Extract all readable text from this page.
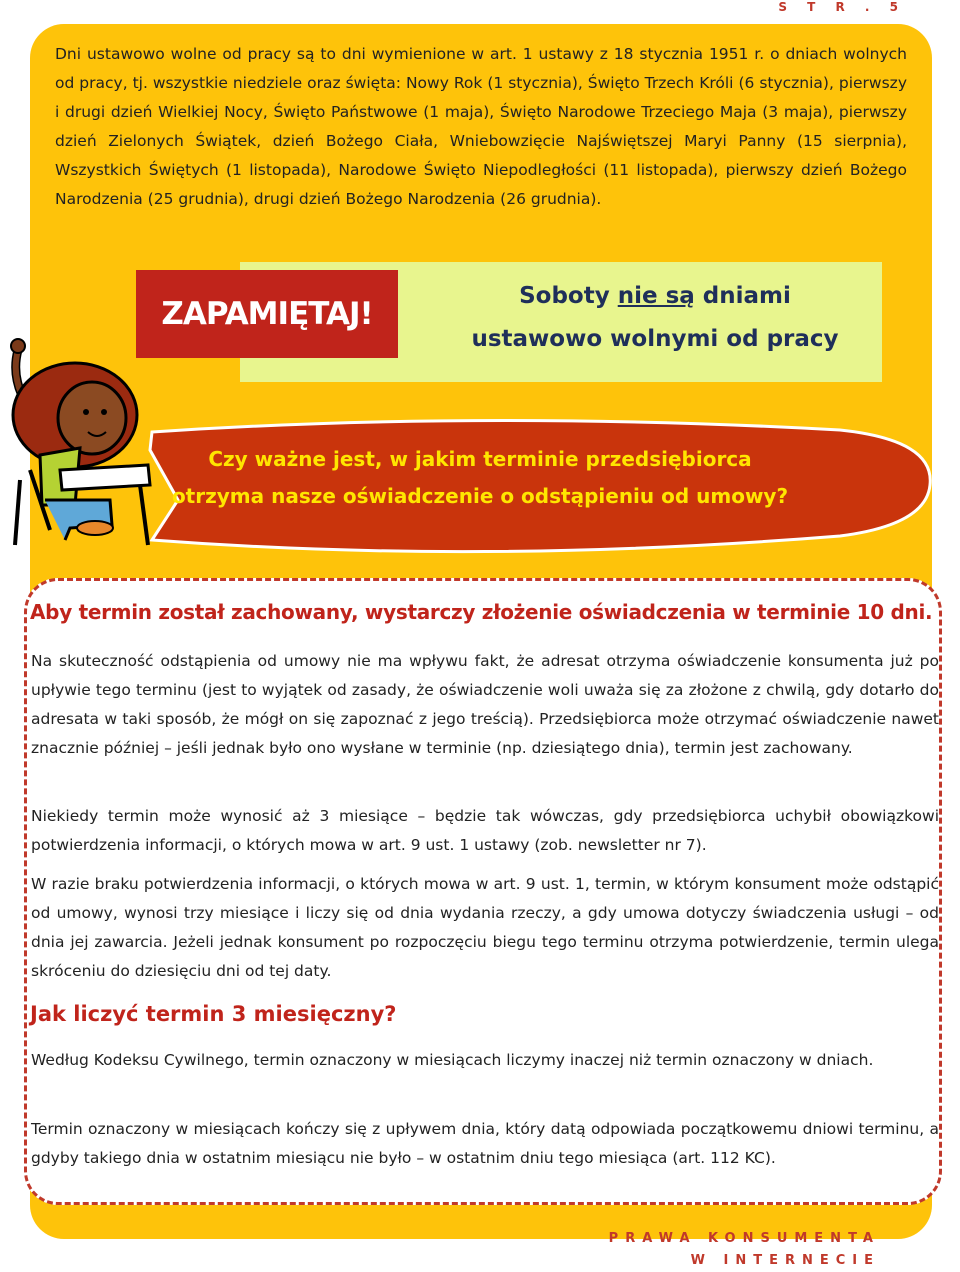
S T R . 5

Dni ustawowo wolne od pracy są to dni wymienione w art. 1 ustawy z 18 stycznia 1951 r. o dniach wolnych od pracy, tj. wszystkie niedziele oraz święta: Nowy Rok (1 stycznia), Święto Trzech Króli (6 stycznia), pierwszy i drugi dzień Wielkiej Nocy, Święto Państwowe (1 maja), Święto Narodowe Trzeciego Maja (3 maja), pierwszy dzień Zielonych Świątek, dzień Bożego Ciała, Wniebowzięcie Najświętszej Maryi Panny (15 sierpnia), Wszystkich Świętych (1 listopada), Narodowe Święto Niepodległości (11 listopada), pierwszy dzień Bożego Narodzenia (25 grudnia), drugi dzień Bożego Narodzenia (26 grudnia).

Soboty nie są dniami
ustawowo wolnymi od pracy
ZAPAMIĘTAJ!
Czy ważne jest, w jakim terminie przedsiębiorca
otrzyma nasze oświadczenie o odstąpieniu od umowy?

Aby termin został zachowany, wystarczy złożenie oświadczenia w terminie 10 dni.

Na skuteczność odstąpienia od umowy nie ma wpływu fakt, że adresat otrzyma oświadczenie konsumenta już po upływie tego terminu (jest to wyjątek od zasady, że oświadczenie woli uważa się za złożone z chwilą, gdy dotarło do adresata w taki sposób, że mógł on się zapoznać z jego treścią). Przedsiębiorca może otrzymać oświadczenie nawet znacznie później – jeśli jednak było ono wysłane w terminie (np. dziesiątego dnia), termin jest zachowany.

Niekiedy termin może wynosić aż 3 miesiące – będzie tak wówczas, gdy przedsiębiorca uchybił obowiązkowi potwierdzenia informacji, o których mowa w art. 9 ust. 1 ustawy (zob. newsletter nr 7).

W razie braku potwierdzenia informacji, o których mowa w art. 9 ust. 1, termin, w którym konsument może odstąpić od umowy, wynosi trzy miesiące i liczy się od dnia wydania rzeczy, a gdy umowa dotyczy świadczenia usługi – od dnia jej zawarcia. Jeżeli jednak konsument po rozpoczęciu biegu tego terminu otrzyma potwierdzenie, termin ulega skróceniu do dziesięciu dni od tej daty.

Jak liczyć termin 3 miesięczny?

Według Kodeksu Cywilnego, termin oznaczony w miesiącach liczymy inaczej niż termin oznaczony w dniach.

Termin oznaczony w miesiącach kończy się z upływem dnia, który datą odpowiada początkowemu dniowi terminu, a gdyby takiego dnia w ostatnim miesiącu nie było – w ostatnim dniu tego miesiąca (art. 112 KC).

PRAWA KONSUMENTA
W INTERNECIE
